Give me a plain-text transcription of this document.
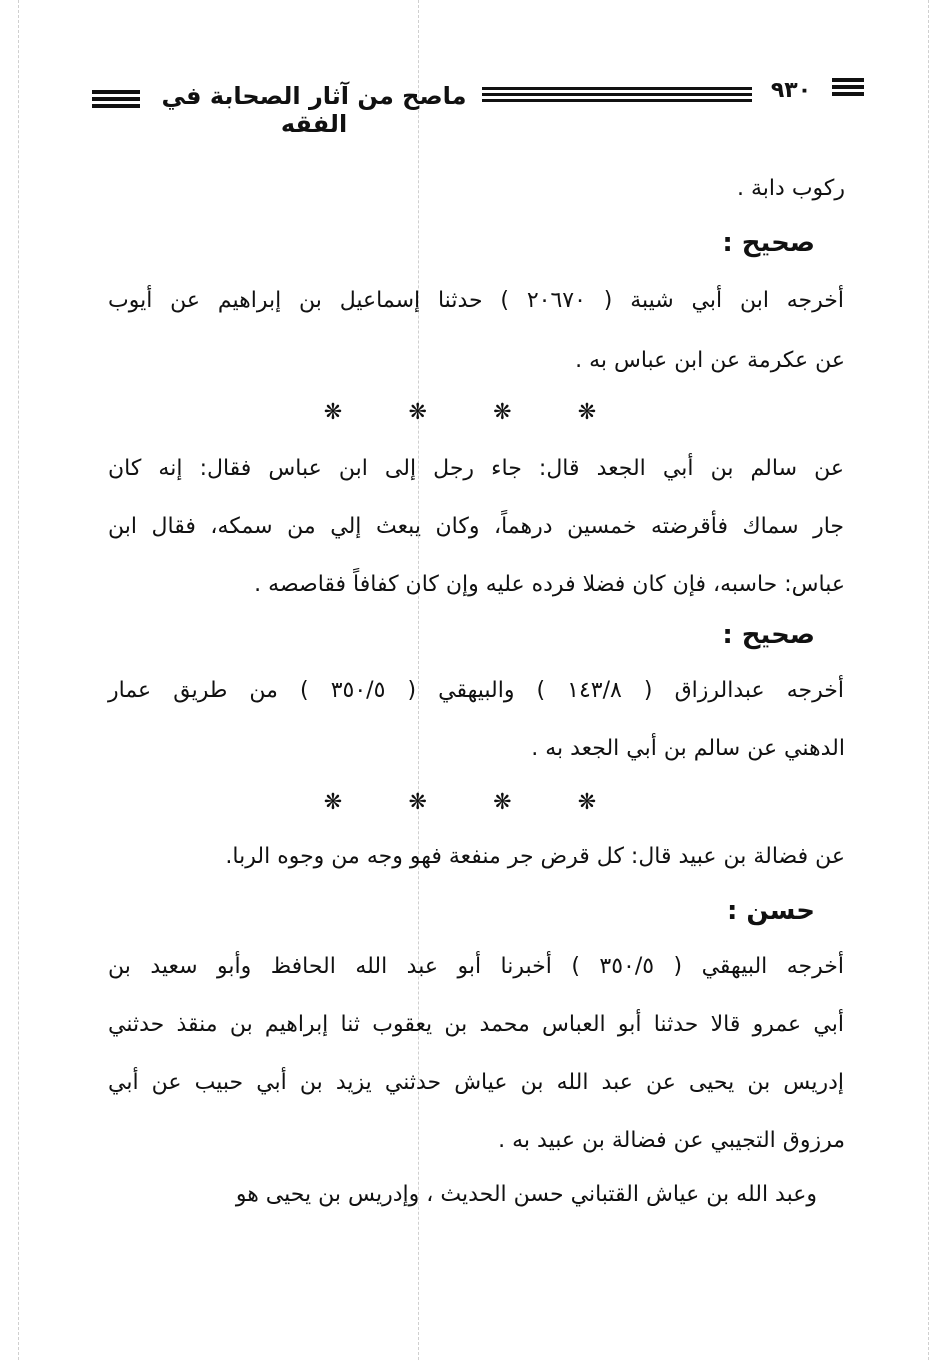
ماصح من آثار الصحابة في الفقه
٩٣٠
ركوب دابة .
صحيح :
أخرجه ابن أبي شيبة ( ٢٠٦٧٠ ) حدثنا إسماعيل بن إبراهيم عن أيوب
عن عكرمة عن ابن عباس به .
❋	❋	❋	❋
عن سالم بن أبي الجعد قال: جاء رجل إلى ابن عباس فقال: إنه كان
جار سماك فأقرضته خمسين درهماً، وكان يبعث إلي من سمكه، فقال ابن
عباس: حاسبه، فإن كان فضلا فرده عليه وإن كان كفافاً فقاصصه .
صحيح :
أخرجه عبدالرزاق ( ١٤٣/٨ ) والبيهقي ( ٣٥٠/٥ ) من طريق عمار
الدهني عن سالم بن أبي الجعد به .
❋	❋	❋	❋
عن فضالة بن عبيد قال: كل قرض جر منفعة فهو وجه من وجوه الربا.
حسن :
أخرجه البيهقي ( ٣٥٠/٥ ) أخبرنا أبو عبد الله الحافظ وأبو سعيد بن
أبي عمرو قالا حدثنا أبو العباس محمد بن يعقوب ثنا إبراهيم بن منقذ حدثني
إدريس بن يحيى عن عبد الله بن عياش حدثني يزيد بن أبي حبيب عن أبي
مرزوق التجيبي عن فضالة بن عبيد به .
وعبد الله بن عياش القتباني حسن الحديث ، وإدريس بن يحيى هو
